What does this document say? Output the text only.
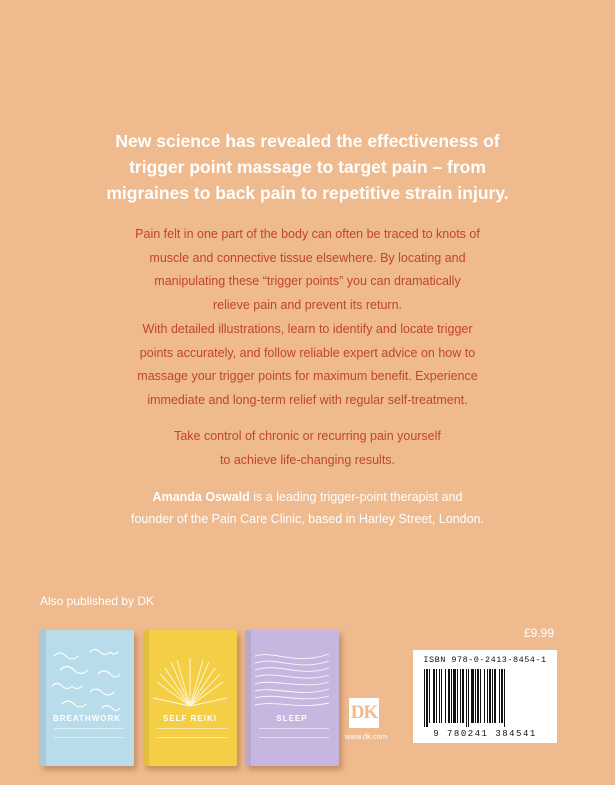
New science has revealed the effectiveness of
trigger point massage to target pain – from
migraines to back pain to repetitive strain injury.
Pain felt in one part of the body can often be traced to knots of
muscle and connective tissue elsewhere. By locating and
manipulating these “trigger points” you can dramatically
relieve pain and prevent its return.
With detailed illustrations, learn to identify and locate trigger
points accurately, and follow reliable expert advice on how to
massage your trigger points for maximum benefit. Experience
immediate and long-term relief with regular self-treatment.
Take control of chronic or recurring pain yourself
to achieve life-changing results.
Amanda Oswald is a leading trigger-point therapist and
founder of the Pain Care Clinic, based in Harley Street, London.
Also published by DK
· · · · · · · ·
BREATHWORK
· · · · · · · ·
SELF REIKI
· · · · · · · ·
SLEEP
£9.99
DK
www.dk.com
ISBN 978-0-2413-8454-1
9 780241 384541
